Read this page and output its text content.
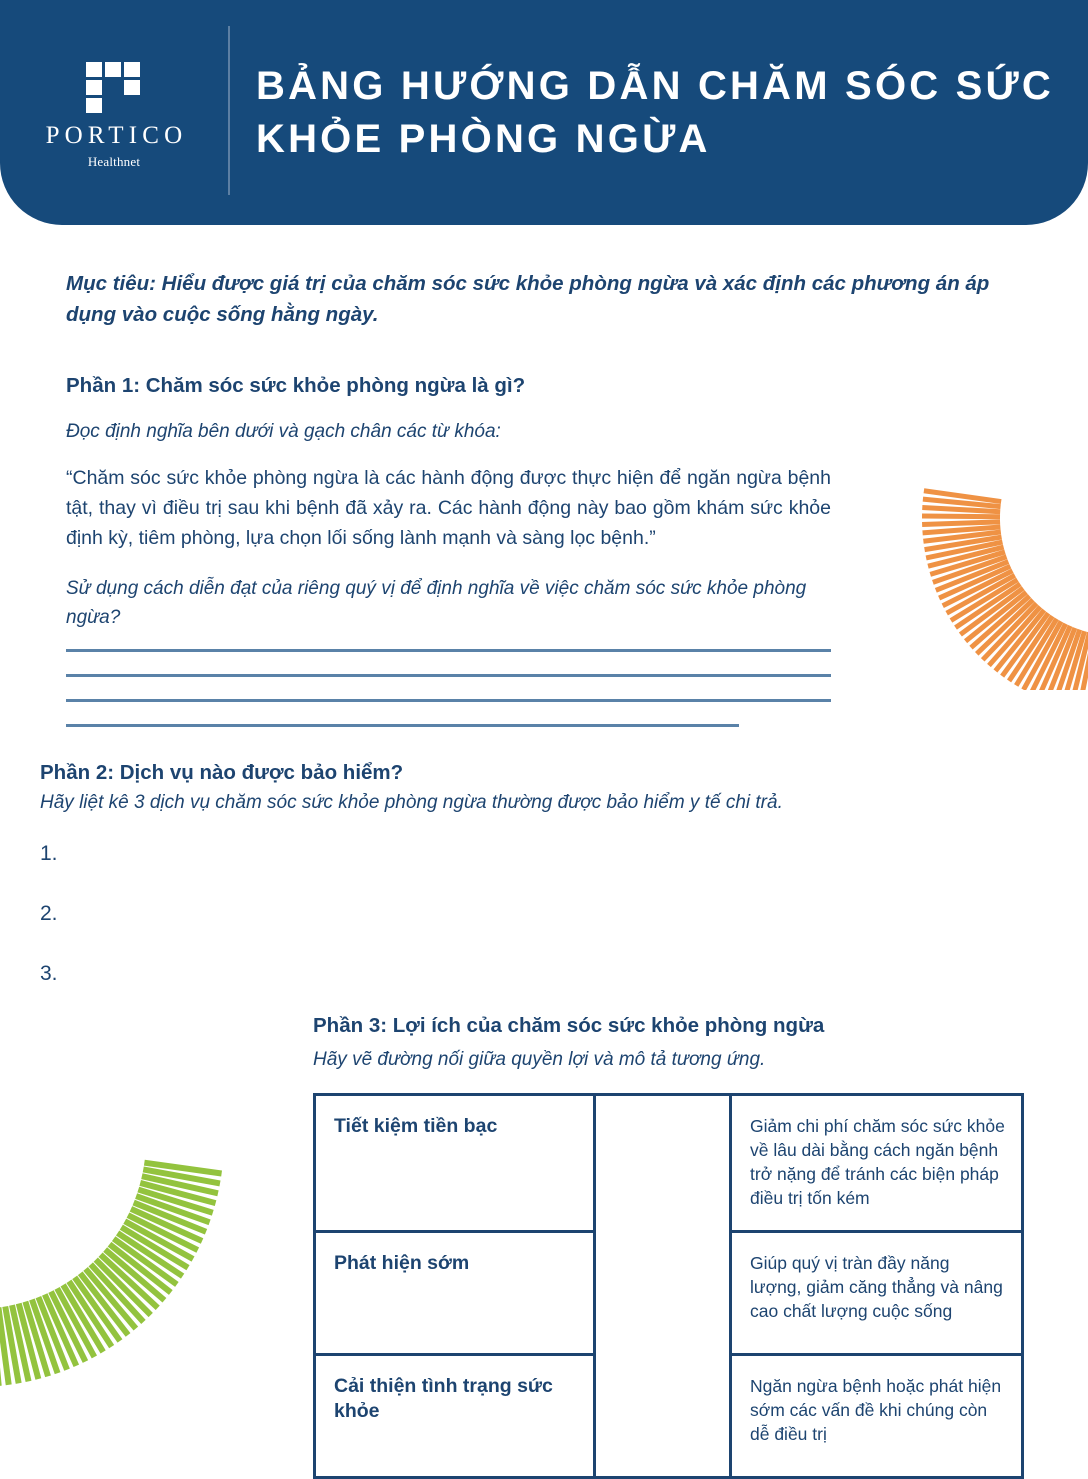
PORTICO
Healthnet
BẢNG HƯỚNG DẪN CHĂM SÓC SỨC KHỎE PHÒNG NGỪA
Mục tiêu: Hiểu được giá trị của chăm sóc sức khỏe phòng ngừa và xác định các phương án áp dụng vào cuộc sống hằng ngày.
Phần 1: Chăm sóc sức khỏe phòng ngừa là gì?
Đọc định nghĩa bên dưới và gạch chân các từ khóa:
“Chăm sóc sức khỏe phòng ngừa là các hành động được thực hiện để ngăn ngừa bệnh tật, thay vì điều trị sau khi bệnh đã xảy ra. Các hành động này bao gồm khám sức khỏe định kỳ, tiêm phòng, lựa chọn lối sống lành mạnh và sàng lọc bệnh.”
Sử dụng cách diễn đạt của riêng quý vị để định nghĩa về việc chăm sóc sức khỏe phòng ngừa?
Phần 2: Dịch vụ nào được bảo hiểm?
Hãy liệt kê 3 dịch vụ chăm sóc sức khỏe phòng ngừa thường được bảo hiểm y tế chi trả.
1.
2.
3.
Phần 3: Lợi ích của chăm sóc sức khỏe phòng ngừa
Hãy vẽ đường nối giữa quyền lợi và mô tả tương ứng.
Tiết kiệm tiền bạc		Giảm chi phí chăm sóc sức khỏe về lâu dài bằng cách ngăn bệnh trở nặng để tránh các biện pháp điều trị tốn kém

Phát hiện sớm		Giúp quý vị tràn đầy năng lượng, giảm căng thẳng và nâng cao chất lượng cuộc sống

Cải thiện tình trạng sức khỏe		Ngăn ngừa bệnh hoặc phát hiện sớm các vấn đề khi chúng còn dễ điều trị
